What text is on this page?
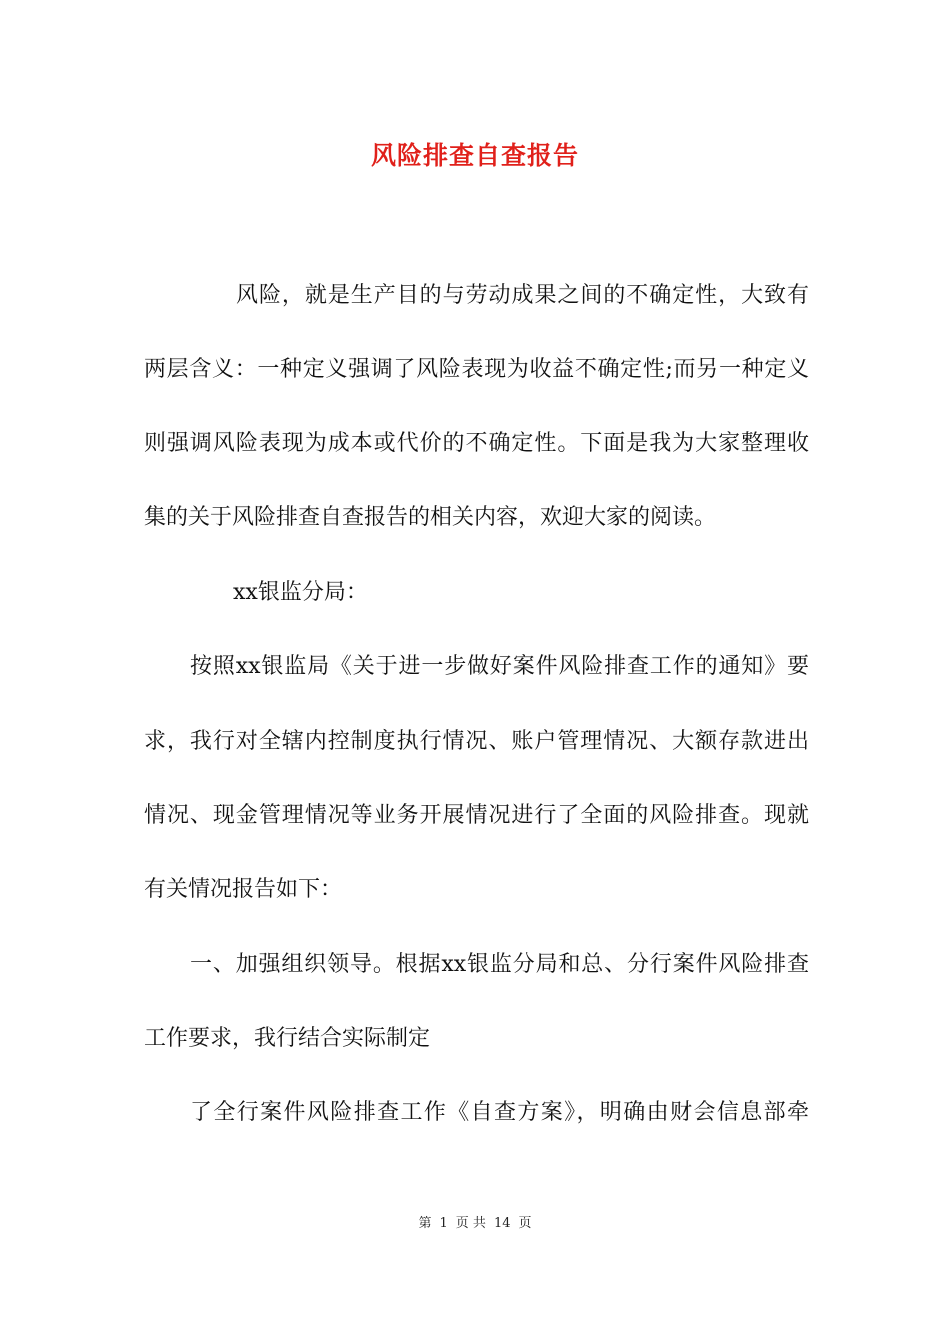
风险排查自查报告
风险，就是生产目的与劳动成果之间的不确定性，大致有
两层含义：一种定义强调了风险表现为收益不确定性;而另一种定义
则强调风险表现为成本或代价的不确定性。下面是我为大家整理收
集的关于风险排查自查报告的相关内容，欢迎大家的阅读。
xx银监分局：
按照xx银监局《关于进一步做好案件风险排查工作的通知》要
求，我行对全辖内控制度执行情况、账户管理情况、大额存款进出
情况、现金管理情况等业务开展情况进行了全面的风险排查。现就
有关情况报告如下：
一、加强组织领导。根据xx银监分局和总、分行案件风险排查
工作要求，我行结合实际制定
了全行案件风险排查工作《自查方案》，明确由财会信息部牵
第 1 页 共 14 页
